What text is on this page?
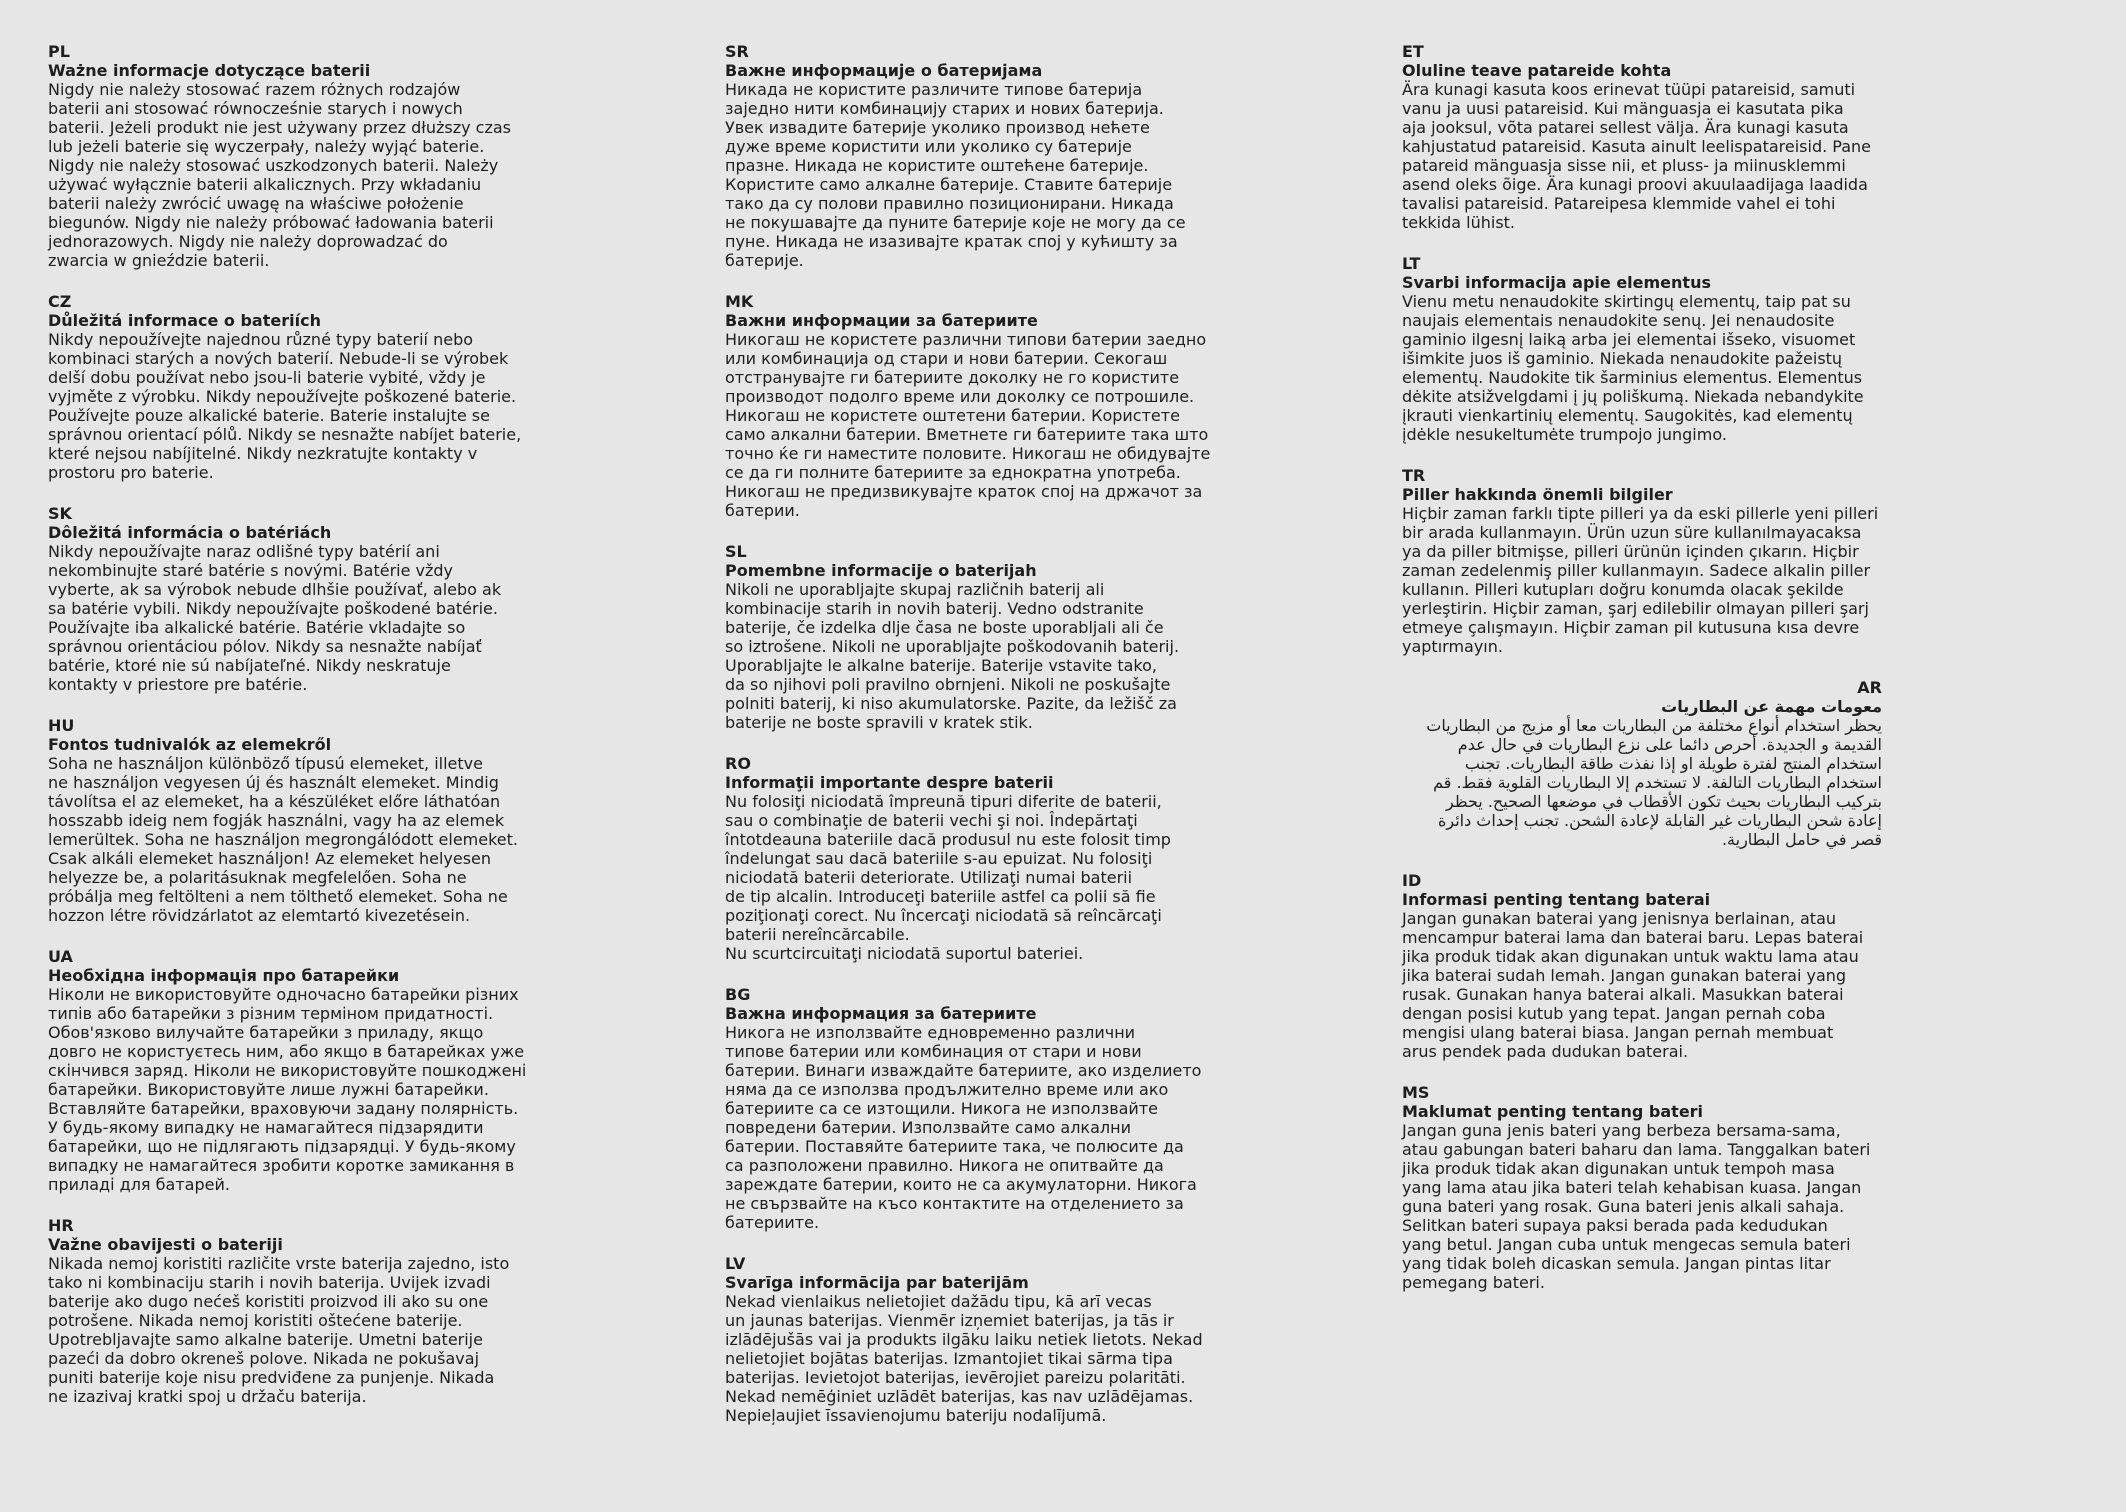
PL
Ważne informacje dotyczące baterii
Nigdy nie należy stosować razem różnych rodzajów
baterii ani stosować równocześnie starych i nowych
baterii. Jeżeli produkt nie jest używany przez dłuższy czas
lub jeżeli baterie się wyczerpały, należy wyjąć baterie.
Nigdy nie należy stosować uszkodzonych baterii. Należy
używać wyłącznie baterii alkalicznych. Przy wkładaniu
baterii należy zwrócić uwagę na właściwe położenie
biegunów. Nigdy nie należy próbować ładowania baterii
jednorazowych. Nigdy nie należy doprowadzać do
zwarcia w gnieździe baterii.
CZ
Důležitá informace o bateriích
Nikdy nepoužívejte najednou různé typy baterií nebo
kombinaci starých a nových baterií. Nebude-li se výrobek
delší dobu používat nebo jsou-li baterie vybité, vždy je
vyjměte z výrobku. Nikdy nepoužívejte poškozené baterie.
Používejte pouze alkalické baterie. Baterie instalujte se
správnou orientací pólů. Nikdy se nesnažte nabíjet baterie,
které nejsou nabíjitelné. Nikdy nezkratujte kontakty v
prostoru pro baterie.
SK
Dôležitá informácia o batériách
Nikdy nepoužívajte naraz odlišné typy batérií ani
nekombinujte staré batérie s novými. Batérie vždy
vyberte, ak sa výrobok nebude dlhšie používať, alebo ak
sa batérie vybili. Nikdy nepoužívajte poškodené batérie.
Používajte iba alkalické batérie. Batérie vkladajte so
správnou orientáciou pólov. Nikdy sa nesnažte nabíjať
batérie, ktoré nie sú nabíjateľné. Nikdy neskratuje
kontakty v priestore pre batérie.
HU
Fontos tudnivalók az elemekről
Soha ne használjon különböző típusú elemeket, illetve
ne használjon vegyesen új és használt elemeket. Mindig
távolítsa el az elemeket, ha a készüléket előre láthatóan
hosszabb ideig nem fogják használni, vagy ha az elemek
lemerültek. Soha ne használjon megrongálódott elemeket.
Csak alkáli elemeket használjon! Az elemeket helyesen
helyezze be, a polaritásuknak megfelelően. Soha ne
próbálja meg feltölteni a nem tölthető elemeket. Soha ne
hozzon létre rövidzárlatot az elemtartó kivezetésein.
UA
Необхідна інформація про батарейки
Ніколи не використовуйте одночасно батарейки різних
типів або батарейки з різним терміном придатності.
Обов'язково вилучайте батарейки з приладу, якщо
довго не користуєтесь ним, або якщо в батарейках уже
скінчився заряд. Ніколи не використовуйте пошкоджені
батарейки. Використовуйте лише лужні батарейки.
Вставляйте батарейки, враховуючи задану полярність.
У будь-якому випадку не намагайтеся підзарядити
батарейки, що не підлягають підзарядці. У будь-якому
випадку не намагайтеся зробити коротке замикання в
приладі для батарей.
HR
Važne obavijesti o bateriji
Nikada nemoj koristiti različite vrste baterija zajedno, isto
tako ni kombinaciju starih i novih baterija. Uvijek izvadi
baterije ako dugo nećeš koristiti proizvod ili ako su one
potrošene. Nikada nemoj koristiti oštećene baterije.
Upotrebljavajte samo alkalne baterije. Umetni baterije
pazeći da dobro okreneš polove. Nikada ne pokušavaj
puniti baterije koje nisu predviđene za punjenje. Nikada
ne izazivaj kratki spoj u držaču baterija.
SR
Важне информације о батеријама
Никада не користите различите типове батерија
заједно нити комбинацију старих и нових батерија.
Увек извадите батерије уколико производ нећете
дуже време користити или уколико су батерије
празне. Никада не користите оштећене батерије.
Користите само алкалне батерије. Ставите батерије
тако да су полови правилно позиционирани. Никада
не покушавајте да пуните батерије које не могу да се
пуне. Никада не изазивајте кратак спој у кућишту за
батерије.
MK
Важни информации за батериите
Никогаш не користете различни типови батерии заедно
или комбинација од стари и нови батерии. Секогаш
отстранувајте ги батериите доколку не го користите
производот подолго време или доколку се потрошиле.
Никогаш не користете оштетени батерии. Користете
само алкални батерии. Вметнете ги батериите така што
точно ќе ги наместите половите. Никогаш не обидувајте
се да ги полните батериите за еднократна употреба.
Никогаш не предизвикувајте краток спој на држачот за
батерии.
SL
Pomembne informacije o baterijah
Nikoli ne uporabljajte skupaj različnih baterij ali
kombinacije starih in novih baterij. Vedno odstranite
baterije, če izdelka dlje časa ne boste uporabljali ali če
so iztrošene. Nikoli ne uporabljajte poškodovanih baterij.
Uporabljajte le alkalne baterije. Baterije vstavite tako,
da so njihovi poli pravilno obrnjeni. Nikoli ne poskušajte
polniti baterij, ki niso akumulatorske. Pazite, da ležišč za
baterije ne boste spravili v kratek stik.
RO
Informaţii importante despre baterii
Nu folosiţi niciodată împreună tipuri diferite de baterii,
sau o combinaţie de baterii vechi şi noi. Îndepărtaţi
întotdeauna bateriile dacă produsul nu este folosit timp
îndelungat sau dacă bateriile s-au epuizat. Nu folosiţi
niciodată baterii deteriorate. Utilizaţi numai baterii
de tip alcalin. Introduceţi bateriile astfel ca polii să fie
poziţionaţi corect. Nu încercaţi niciodată să reîncărcaţi
baterii nereîncărcabile.
Nu scurtcircuitaţi niciodată suportul bateriei.
BG
Важна информация за батериите
Никога не използвайте едновременно различни
типове батерии или комбинация от стари и нови
батерии. Винаги изваждайте батериите, ако изделието
няма да се използва продължително време или ако
батериите са се изтощили. Никога не използвайте
повредени батерии. Използвайте само алкални
батерии. Поставяйте батериите така, че полюсите да
са разположени правилно. Никога не опитвайте да
зареждате батерии, които не са акумулаторни. Никога
не свързвайте на късо контактите на отделението за
батериите.
LV
Svarīga informācija par baterijām
Nekad vienlaikus nelietojiet dažādu tipu, kā arī vecas
un jaunas baterijas. Vienmēr izņemiet baterijas, ja tās ir
izlādējušās vai ja produkts ilgāku laiku netiek lietots. Nekad
nelietojiet bojātas baterijas. Izmantojiet tikai sārma tipa
baterijas. Ievietojot baterijas, ievērojiet pareizu polaritāti.
Nekad nemēģiniet uzlādēt baterijas, kas nav uzlādējamas.
Nepieļaujiet īssavienojumu bateriju nodalījumā.
ET
Oluline teave patareide kohta
Ära kunagi kasuta koos erinevat tüüpi patareisid, samuti
vanu ja uusi patareisid. Kui mänguasja ei kasutata pika
aja jooksul, võta patarei sellest välja. Ära kunagi kasuta
kahjustatud patareisid. Kasuta ainult leelispatareisid. Pane
patareid mänguasja sisse nii, et pluss- ja miinusklemmi
asend oleks õige. Ära kunagi proovi akuulaadijaga laadida
tavalisi patareisid. Patareipesa klemmide vahel ei tohi
tekkida lühist.
LT
Svarbi informacija apie elementus
Vienu metu nenaudokite skirtingų elementų, taip pat su
naujais elementais nenaudokite senų. Jei nenaudosite
gaminio ilgesnį laiką arba jei elementai išseko, visuomet
išimkite juos iš gaminio. Niekada nenaudokite pažeistų
elementų. Naudokite tik šarminius elementus. Elementus
dėkite atsižvelgdami į jų poliškumą. Niekada nebandykite
įkrauti vienkartinių elementų. Saugokitės, kad elementų
įdėkle nesukeltumėte trumpojo jungimo.
TR
Piller hakkında önemli bilgiler
Hiçbir zaman farklı tipte pilleri ya da eski pillerle yeni pilleri
bir arada kullanmayın. Ürün uzun süre kullanılmayacaksa
ya da piller bitmişse, pilleri ürünün içinden çıkarın. Hiçbir
zaman zedelenmiş piller kullanmayın. Sadece alkalin piller
kullanın. Pilleri kutupları doğru konumda olacak şekilde
yerleştirin. Hiçbir zaman, şarj edilebilir olmayan pilleri şarj
etmeye çalışmayın. Hiçbir zaman pil kutusuna kısa devre
yaptırmayın.
AR
معومات مهمة عن البطاريات
يحظر استخدام أنواع مختلفة من البطاريات معا أو مزيج من البطاريات
القديمة و الجديدة. أحرص دائما على نزع البطاريات في حال عدم
استخدام المنتج لفترة طويلة او إذا نفذت طاقة البطاريات. تجنب
استخدام البطاريات التالفة. لا تستخدم إلا البطاريات القلوية فقط. قم
بتركيب البطاريات بحيث تكون الأقطاب في موضعها الصحيح. يحظر
إعادة شحن البطاريات غير القابلة لإعادة الشحن. تجنب إحداث دائرة
قصر في حامل البطارية.
ID
Informasi penting tentang baterai
Jangan gunakan baterai yang jenisnya berlainan, atau
mencampur baterai lama dan baterai baru. Lepas baterai
jika produk tidak akan digunakan untuk waktu lama atau
jika baterai sudah lemah. Jangan gunakan baterai yang
rusak. Gunakan hanya baterai alkali. Masukkan baterai
dengan posisi kutub yang tepat. Jangan pernah coba
mengisi ulang baterai biasa. Jangan pernah membuat
arus pendek pada dudukan baterai.
MS
Maklumat penting tentang bateri
Jangan guna jenis bateri yang berbeza bersama-sama,
atau gabungan bateri baharu dan lama. Tanggalkan bateri
jika produk tidak akan digunakan untuk tempoh masa
yang lama atau jika bateri telah kehabisan kuasa. Jangan
guna bateri yang rosak. Guna bateri jenis alkali sahaja.
Selitkan bateri supaya paksi berada pada kedudukan
yang betul. Jangan cuba untuk mengecas semula bateri
yang tidak boleh dicaskan semula. Jangan pintas litar
pemegang bateri.
